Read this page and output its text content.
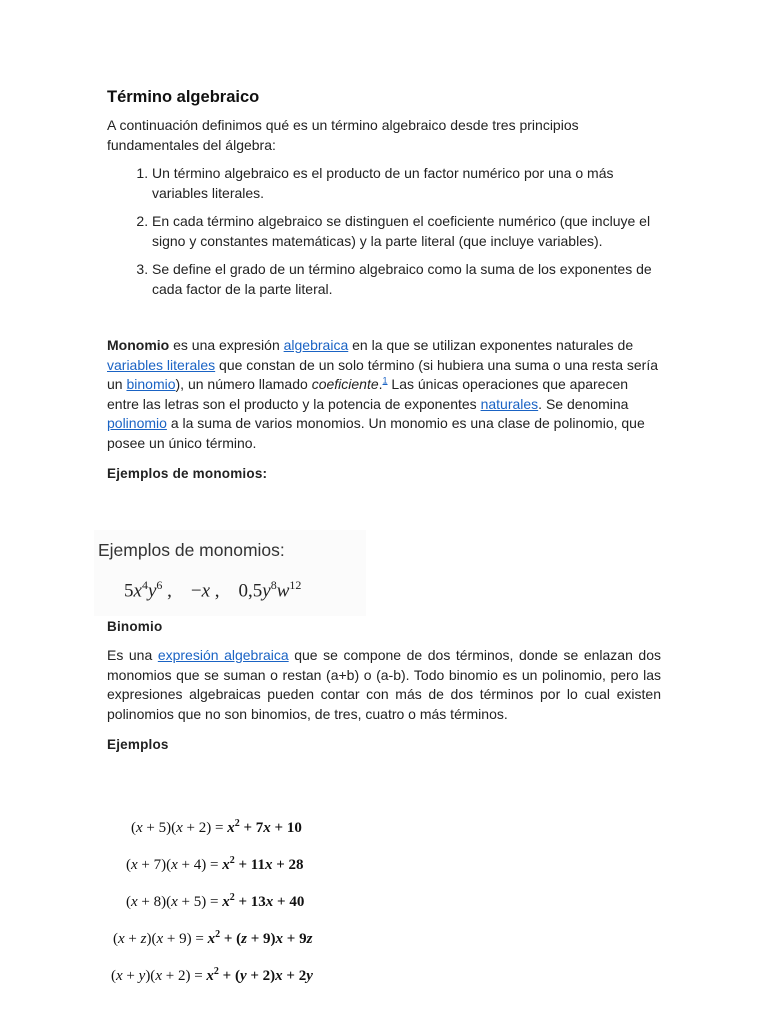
Término algebraico

A continuación definimos qué es un término algebraico desde tres principios fundamentales del álgebra:

1. Un término algebraico es el producto de un factor numérico por una o más variables literales.
2. En cada término algebraico se distinguen el coeficiente numérico (que incluye el signo y constantes matemáticas) y la parte literal (que incluye variables).
3. Se define el grado de un término algebraico como la suma de los exponentes de cada factor de la parte literal.

Monomio es una expresión algebraica en la que se utilizan exponentes naturales de variables literales que constan de un solo término (si hubiera una suma o una resta sería un binomio), un número llamado coeficiente.$^1$ Las únicas operaciones que aparecen entre las letras son el producto y la potencia de exponentes naturales. Se denomina polinomio a la suma de varios monomios. Un monomio es una clase de polinomio, que posee un único término.

Ejemplos de monomios:

Binomio

Es una expresión algebraica que se compone de dos términos, donde se enlazan dos monomios que se suman o restan (a+b) o (a-b). Todo binomio es un polinomio, pero las expresiones algebraicas pueden contar con más de dos términos por lo cual existen polinomios que no son binomios, de tres, cuatro o más términos.

Ejemplos

Ejemplos de monomios:
$5x^4y^6$ ,    −x ,    $0,5y^8w^{12}$
$(x + 5)(x + 2) = x^2 + 7x + 10$
$(x + 7)(x + 4) = x^2 + 11x + 28$
$(x + 8)(x + 5) = x^2 + 13x + 40$
$(x + z)(x + 9) = x^2 + (z + 9)x + 9z$
$(x + y)(x + 2) = x^2 + (y + 2)x + 2y$
